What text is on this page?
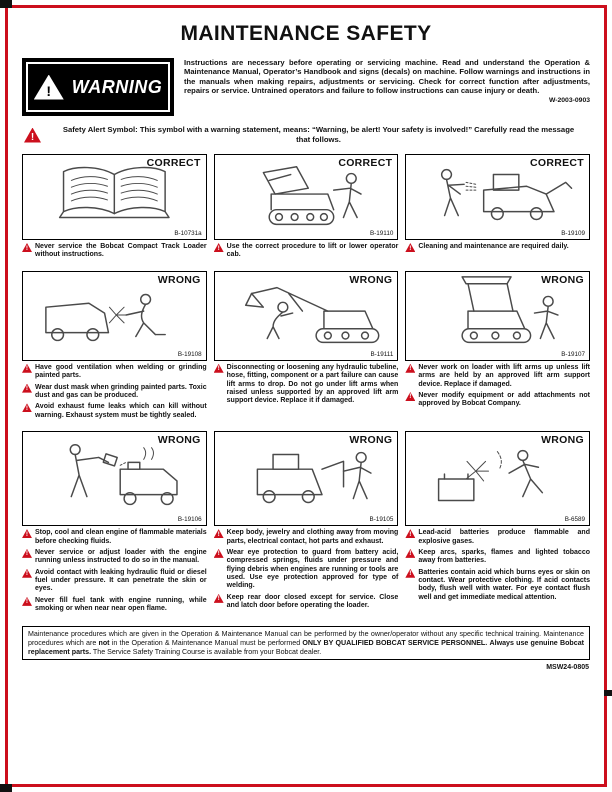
MAINTENANCE SAFETY
!
WARNING
Instructions are necessary before operating or servicing machine. Read and understand the Operation & Maintenance Manual, Operator’s Handbook and signs (decals) on machine. Follow warnings and instructions in the manuals when making repairs, adjustments or servicing. Check for correct function after adjustments, repairs or service. Untrained operators and failure to follow instructions can cause injury or death.
W-2003-0903
!
Safety Alert Symbol: This symbol with a warning statement, means: “Warning, be alert! Your safety is involved!” Carefully read the message that follows.
CORRECT
B-10731a
!
Never service the Bobcat Compact Track Loader without instructions.
CORRECT
B-19110
!
Use the correct procedure to lift or lower operator cab.
CORRECT
B-19109
!
Cleaning and maintenance are required daily.
WRONG
B-19108
!
Have good ventilation when welding or grinding painted parts.
!
Wear dust mask when grinding painted parts. Toxic dust and gas can be produced.
!
Avoid exhaust fume leaks which can kill without warning. Exhaust system must be tightly sealed.
WRONG
B-19111
!
Disconnecting or loosening any hydraulic tubeline, hose, fitting, component or a part failure can cause lift arms to drop. Do not go under lift arms when raised unless supported by an approved lift arm support device. Replace it if damaged.
WRONG
B-19107
!
Never work on loader with lift arms up unless lift arms are held by an approved lift arm support device. Replace if damaged.
!
Never modify equipment or add attachments not approved by Bobcat Company.
WRONG
B-19106
!
Stop, cool and clean engine of flammable materials before checking fluids.
!
Never service or adjust loader with the engine running unless instructed to do so in the manual.
!
Avoid contact with leaking hydraulic fluid or diesel fuel under pressure. It can penetrate the skin or eyes.
!
Never fill fuel tank with engine running, while smoking or when near near open flame.
WRONG
B-19105
!
Keep body, jewelry and clothing away from moving parts, electrical contact, hot parts and exhaust.
!
Wear eye protection to guard from battery acid, compressed springs, fluids under pressure and flying debris when engines are running or tools are used. Use eye protection approved for type of welding.
!
Keep rear door closed except for service. Close and latch door before operating the loader.
WRONG
B-6589
!
Lead-acid batteries produce flammable and explosive gases.
!
Keep arcs, sparks, flames and lighted tobacco away from batteries.
!
Batteries contain acid which burns eyes or skin on contact. Wear protective clothing. If acid contacts body, flush well with water. For eye contact flush well and get immediate medical attention.
Maintenance procedures which are given in the Operation & Maintenance Manual can be performed by the owner/operator without any specific technical training. Maintenance procedures which are not in the Operation & Maintenance Manual must be performed ONLY BY QUALIFIED BOBCAT SERVICE PERSONNEL. Always use genuine Bobcat replacement parts. The Service Safety Training Course is available from your Bobcat dealer.
MSW24-0805
